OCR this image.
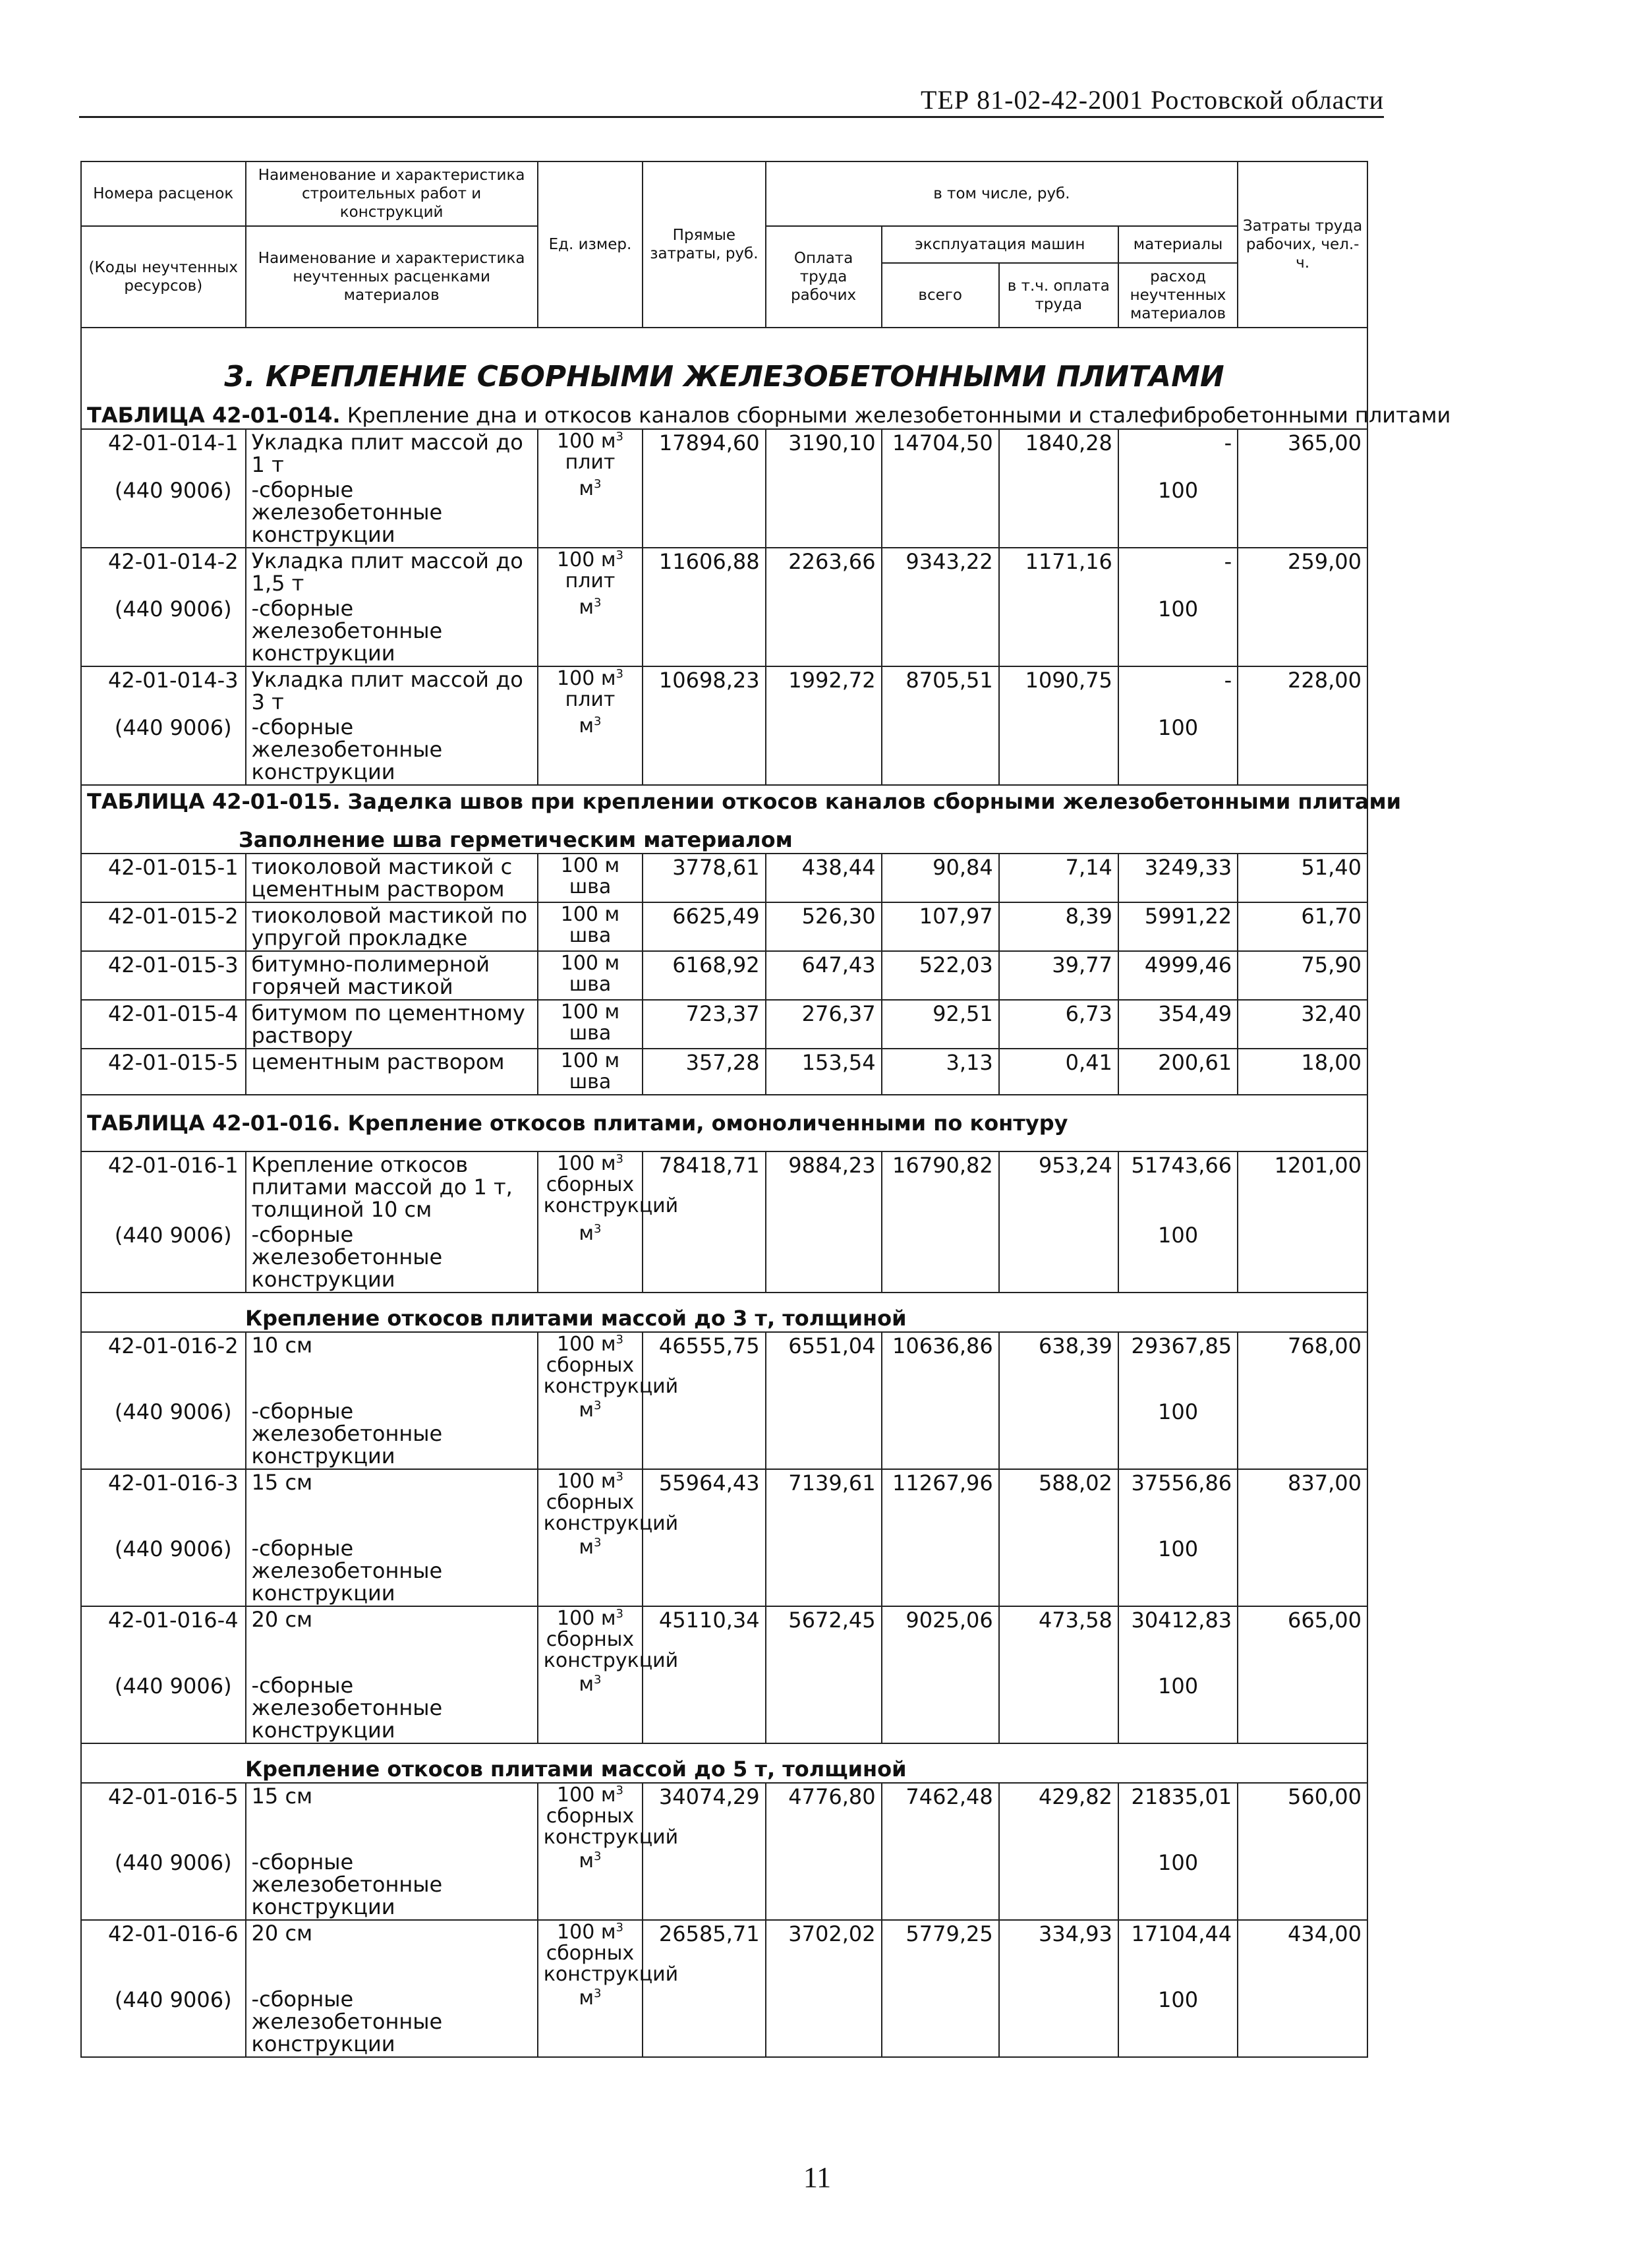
ТЕР 81-02-42-2001 Ростовской области
Номера расценок	Наименование и характеристика строительных работ и конструкций	Ед. измер.	Прямые затраты, руб.	в том числе, руб.				Затраты труда рабочих, чел.-ч.
(Коды неучтенных ресурсов)	Наименование и характеристика неучтенных расценками материалов			Оплата труда рабочих	эксплуатация машин		материалы	
					всего	в т.ч. оплата труда	расход неучтенных материалов	

3. КРЕПЛЕНИЕ СБОРНЫМИ ЖЕЛЕЗОБЕТОННЫМИ ПЛИТАМИ								

ТАБЛИЦА 42-01-014. Крепление дна и откосов каналов сборными железобетонными и сталефибробетонными плитами								
42-01-014-1	Укладка плит массой до 1 т	100 $м^3$ плит	17894,60	3190,10	14704,50	1840,28	-	365,00
(440 9006)	-сборные железобетонные конструкции	$м^3$					100	
42-01-014-2	Укладка плит массой до 1,5 т	100 $м^3$ плит	11606,88	2263,66	9343,22	1171,16	-	259,00
(440 9006)	-сборные железобетонные конструкции	$м^3$					100	
42-01-014-3	Укладка плит массой до 3 т	100 $м^3$ плит	10698,23	1992,72	8705,51	1090,75	-	228,00
(440 9006)	-сборные железобетонные конструкции	$м^3$					100	
ТАБЛИЦА 42-01-015. Заделка швов при креплении откосов каналов сборными железобетонными плитами								

Заполнение шва герметическим материалом								

42-01-015-1	тиоколовой мастикой с цементным раствором	100 м шва	3778,61	438,44	90,84	7,14	3249,33	51,40
42-01-015-2	тиоколовой мастикой по упругой прокладке	100 м шва	6625,49	526,30	107,97	8,39	5991,22	61,70
42-01-015-3	битумно-полимерной горячей мастикой	100 м шва	6168,92	647,43	522,03	39,77	4999,46	75,90
42-01-015-4	битумом по цементному раствору	100 м шва	723,37	276,37	92,51	6,73	354,49	32,40
42-01-015-5	цементным раствором	100 м шва	357,28	153,54	3,13	0,41	200,61	18,00
ТАБЛИЦА 42-01-016. Крепление откосов плитами, омоноличенными по контуру								
42-01-016-1	Крепление откосов плитами массой до 1 т, толщиной 10 см	100 $м^3$ сборных конструкций	78418,71	9884,23	16790,82	953,24	51743,66	1201,00
(440 9006)	-сборные железобетонные конструкции	$м^3$					100	

Крепление откосов плитами массой до 3 т, толщиной								

42-01-016-2	10 см	100 $м^3$ сборных конструкций	46555,75	6551,04	10636,86	638,39	29367,85	768,00
(440 9006)	-сборные железобетонные конструкции	$м^3$					100	
42-01-016-3	15 см	100 $м^3$ сборных конструкций	55964,43	7139,61	11267,96	588,02	37556,86	837,00
(440 9006)	-сборные железобетонные конструкции	$м^3$					100	
42-01-016-4	20 см	100 $м^3$ сборных конструкций	45110,34	5672,45	9025,06	473,58	30412,83	665,00
(440 9006)	-сборные железобетонные конструкции	$м^3$					100	

Крепление откосов плитами массой до 5 т, толщиной								

42-01-016-5	15 см	100 $м^3$ сборных конструкций	34074,29	4776,80	7462,48	429,82	21835,01	560,00
(440 9006)	-сборные железобетонные конструкции	$м^3$					100	
42-01-016-6	20 см	100 $м^3$ сборных конструкций	26585,71	3702,02	5779,25	334,93	17104,44	434,00
(440 9006)	-сборные железобетонные конструкции	$м^3$					100	
11
